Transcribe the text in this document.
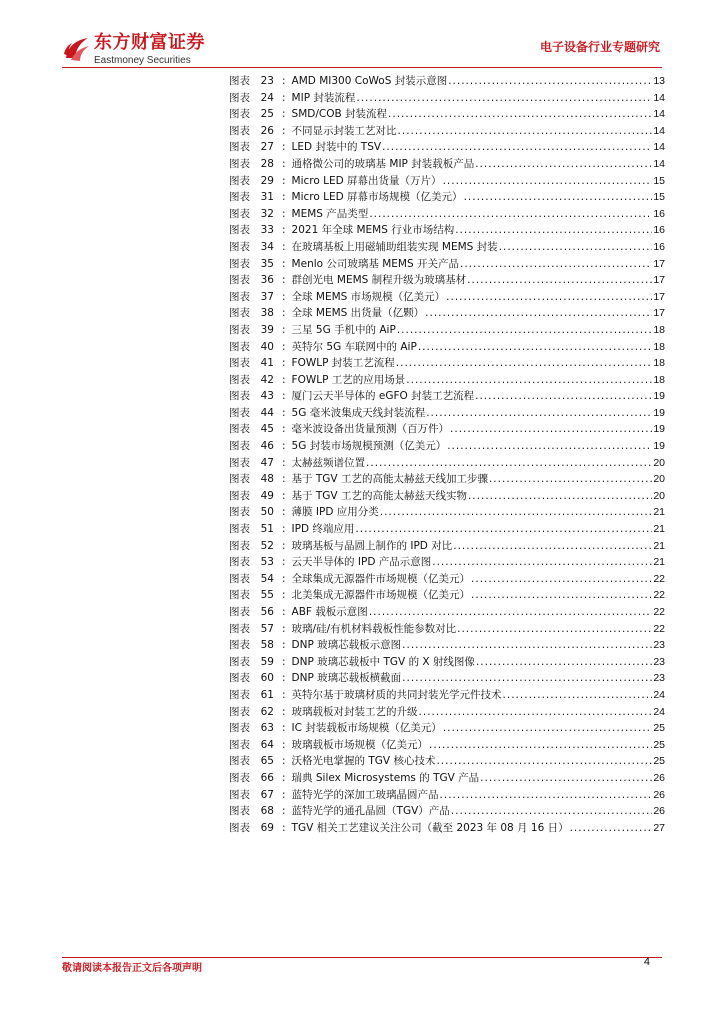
东方财富证券
Eastmoney Securities
电子设备行业专题研究
图表	23 : AMD MI300 CoWoS 封装示意图 .....	13
图表	24 : MIP 封装流程 .....	14
图表	25 : SMD/COB 封装流程 .....	14
图表	26 : 不同显示封装工艺对比 .....	14
图表	27 : LED 封装中的 TSV .....	14
图表	28 : 通格微公司的玻璃基 MIP 封装载板产品 .....	14
图表	29 : Micro LED 屏幕出货量（万片） .....	15
图表	31 : Micro LED 屏幕市场规模（亿美元） .....	15
图表	32 : MEMS 产品类型 .....	16
图表	33 : 2021 年全球 MEMS 行业市场结构 .....	16
图表	34 : 在玻璃基板上用磁辅助组装实现 MEMS 封装 .....	16
图表	35 : Menlo 公司玻璃基 MEMS 开关产品 .....	17
图表	36 : 群创光电 MEMS 制程升级为玻璃基材 .....	17
图表	37 : 全球 MEMS 市场规模（亿美元） .....	17
图表	38 : 全球 MEMS 出货量（亿颗） .....	17
图表	39 : 三星 5G 手机中的 AiP .....	18
图表	40 : 英特尔 5G 车联网中的 AiP .....	18
图表	41 : FOWLP 封装工艺流程 .....	18
图表	42 : FOWLP 工艺的应用场景 .....	18
图表	43 : 厦门云天半导体的 eGFO 封装工艺流程 .....	19
图表	44 : 5G 毫米波集成天线封装流程 .....	19
图表	45 : 毫米波设备出货量预测（百万件） .....	19
图表	46 : 5G 封装市场规模预测（亿美元） .....	19
图表	47 : 太赫兹频谱位置 .....	20
图表	48 : 基于 TGV 工艺的高能太赫兹天线加工步骤 .....	20
图表	49 : 基于 TGV 工艺的高能太赫兹天线实物 .....	20
图表	50 : 薄膜 IPD 应用分类 .....	21
图表	51 : IPD 终端应用 .....	21
图表	52 : 玻璃基板与晶圆上制作的 IPD 对比 .....	21
图表	53 : 云天半导体的 IPD 产品示意图 .....	21
图表	54 : 全球集成无源器件市场规模（亿美元） .....	22
图表	55 : 北美集成无源器件市场规模（亿美元） .....	22
图表	56 : ABF 载板示意图 .....	22
图表	57 : 玻璃/硅/有机材料载板性能参数对比 .....	22
图表	58 : DNP 玻璃芯载板示意图 .....	23
图表	59 : DNP 玻璃芯载板中 TGV 的 X 射线图像 .....	23
图表	60 : DNP 玻璃芯载板横截面 .....	23
图表	61 : 英特尔基于玻璃材质的共同封装光学元件技术 .....	24
图表	62 : 玻璃载板对封装工艺的升级 .....	24
图表	63 : IC 封装载板市场规模（亿美元） .....	25
图表	64 : 玻璃载板市场规模（亿美元） .....	25
图表	65 : 沃格光电掌握的 TGV 核心技术 .....	25
图表	66 : 瑞典 Silex Microsystems 的 TGV 产品 .....	26
图表	67 : 蓝特光学的深加工玻璃晶圆产品 .....	26
图表	68 : 蓝特光学的通孔晶圆（TGV）产品 .....	26
图表	69 : TGV 相关工艺建议关注公司（截至 2023 年 08 月 16 日） .....	27
敬请阅读本报告正文后各项声明
4
